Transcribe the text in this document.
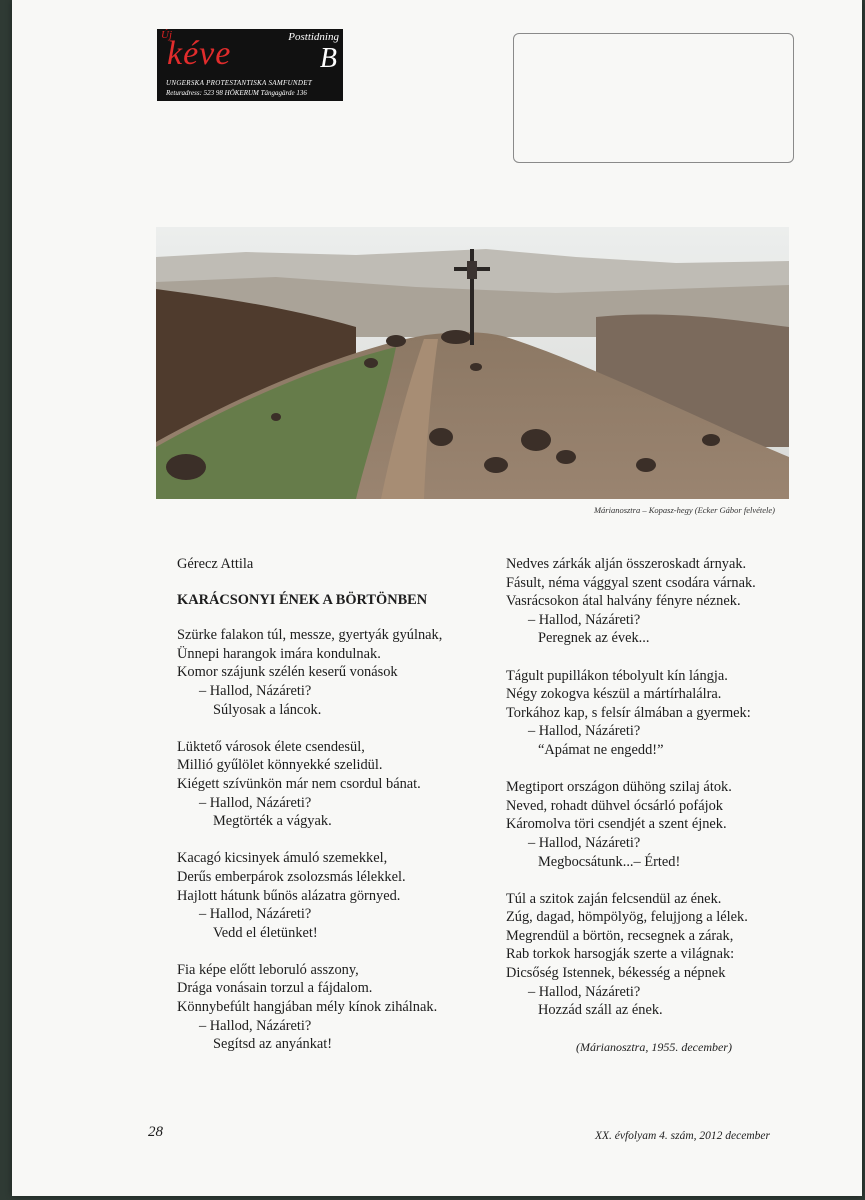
Új
kéve	Posttidning
B
UNGERSKA PROTESTANTISKA SAMFUNDET
Returadress: 523 98 HÖKERUM Tängagärde 136
Márianosztra – Kopasz-hegy (Ecker Gábor felvétele)
Gérecz Attila
KARÁCSONYI ÉNEK A BÖRTÖNBEN
Szürke falakon túl, messze, gyertyák gyúlnak,
Ünnepi harangok imára kondulnak.
Komor szájunk szélén keserű vonások
– Hallod, Názáreti?
Súlyosak a láncok.
Lüktető városok élete csendesül,
Millió gyűlölet könnyekké szelidül.
Kiégett szívünkön már nem csordul bánat.
– Hallod, Názáreti?
Megtörték a vágyak.
Kacagó kicsinyek ámuló szemekkel,
Derűs emberpárok zsolozsmás lélekkel.
Hajlott hátunk bűnös alázatra görnyed.
– Hallod, Názáreti?
Vedd el életünket!
Fia képe előtt leboruló asszony,
Drága vonásain torzul a fájdalom.
Könnybefúlt hangjában mély kínok zihálnak.
– Hallod, Názáreti?
Segítsd az anyánkat!
Nedves zárkák alján összeroskadt árnyak.
Fásult, néma vággyal szent csodára várnak.
Vasrácsokon átal halvány fényre néznek.
– Hallod, Názáreti?
Peregnek az évek...
Tágult pupillákon tébolyult kín lángja.
Négy zokogva készül a mártírhalálra.
Torkához kap, s felsír álmában a gyermek:
– Hallod, Názáreti?
“Apámat ne engedd!”
Megtiport országon dühöng szilaj átok.
Neved, rohadt dühvel ócsárló pofájok
Káromolva töri csendjét a szent éjnek.
– Hallod, Názáreti?
Megbocsátunk...– Érted!
Túl a szitok zaján felcsendül az ének.
Zúg, dagad, hömpölyög, felujjong a lélek.
Megrendül a börtön, recsegnek a zárak,
Rab torkok harsogják szerte a világnak:
Dicsőség Istennek, békesség a népnek
– Hallod, Názáreti?
Hozzád száll az ének.
(Márianosztra, 1955. december)
28	XX. évfolyam 4. szám, 2012 december
